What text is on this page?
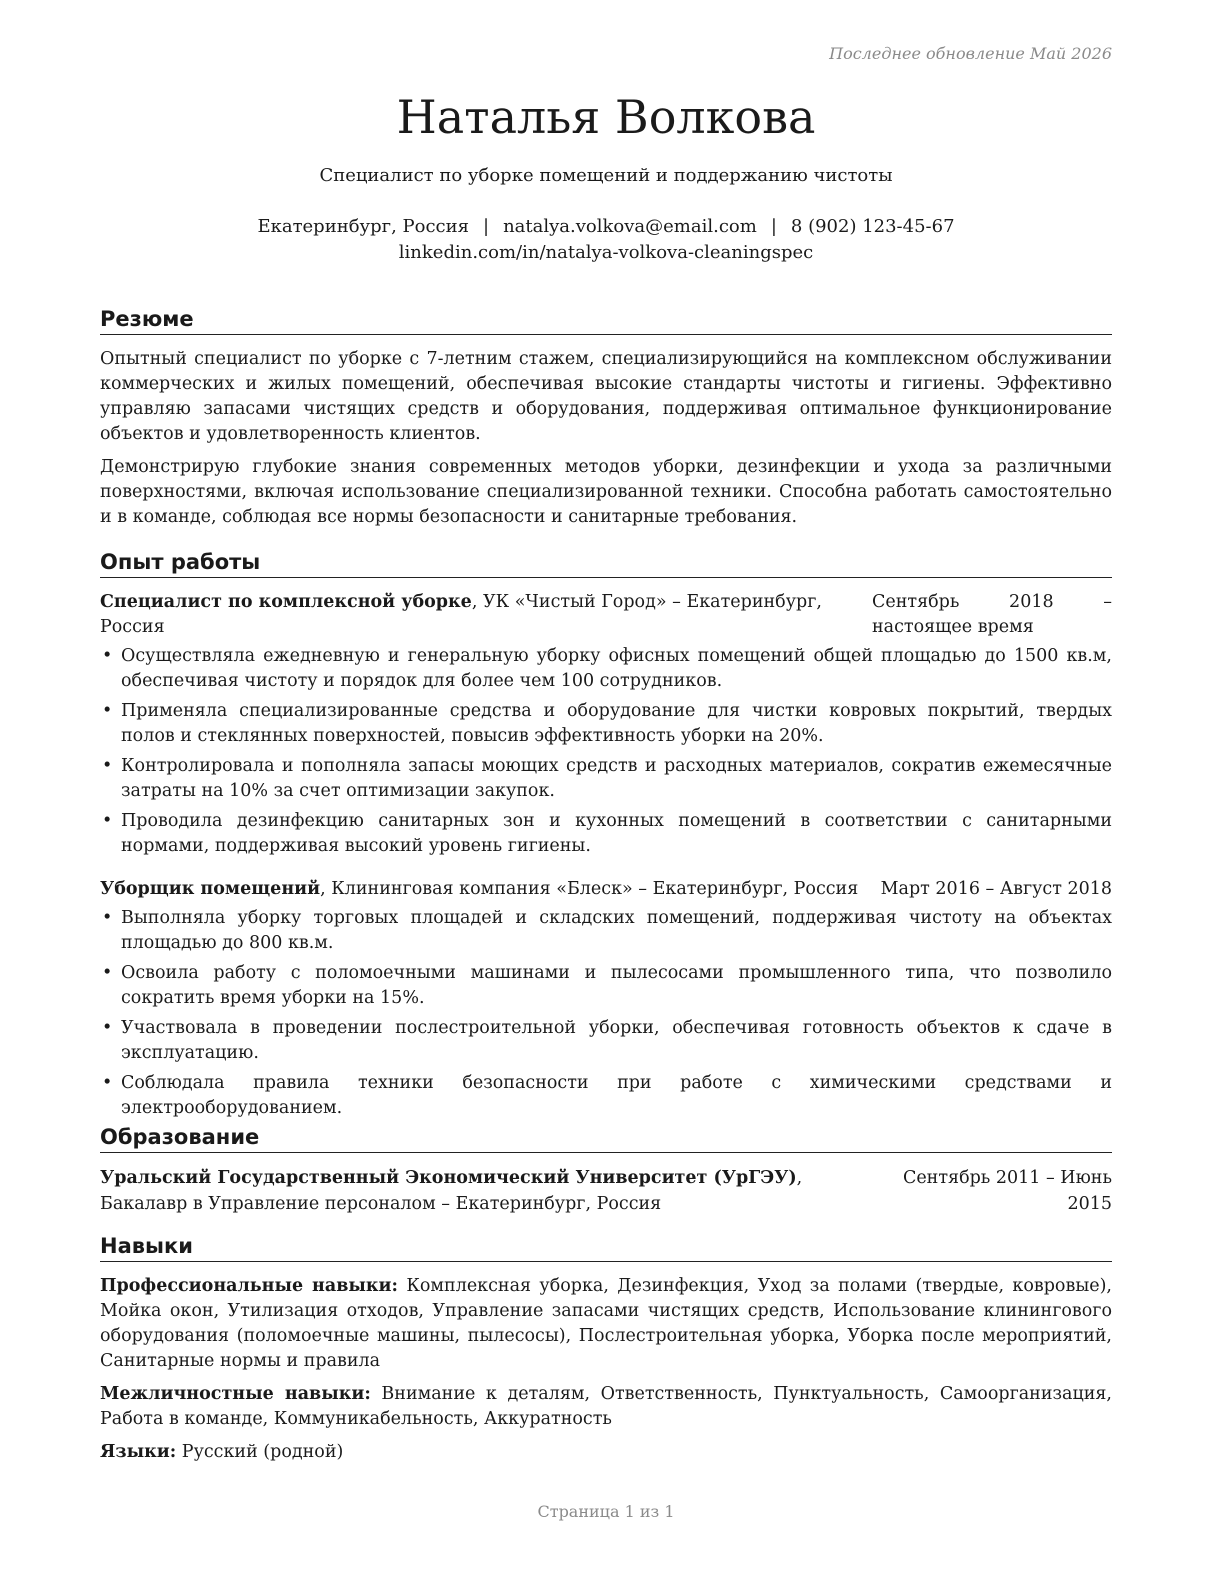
Последнее обновление Май 2026
Наталья Волкова
Специалист по уборке помещений и поддержанию чистоты
Екатеринбург, Россия | natalya.volkova@email.com | 8 (902) 123-45-67
linkedin.com/in/natalya-volkova-cleaningspec
Резюме

Опытный специалист по уборке с 7-летним стажем, специализирующийся на комплексном обслуживании коммерческих и жилых помещений, обеспечивая высокие стандарты чистоты и гигиены. Эффективно управляю запасами чистящих средств и оборудования, поддерживая оптимальное функционирование объектов и удовлетворенность клиентов.

Демонстрирую глубокие знания современных методов уборки, дезинфекции и ухода за различными поверхностями, включая использование специализированной техники. Способна работать самостоятельно и в команде, соблюдая все нормы безопасности и санитарные требования.

Опыт работы
Специалист по комплексной уборке, УК «Чистый Город» – Екатеринбург, Россия
Сентябрь 2018 – настоящее время
• Осуществляла ежедневную и генеральную уборку офисных помещений общей площадью до 1500 кв.м, обеспечивая чистоту и порядок для более чем 100 сотрудников.
• Применяла специализированные средства и оборудование для чистки ковровых покрытий, твердых полов и стеклянных поверхностей, повысив эффективность уборки на 20%.
• Контролировала и пополняла запасы моющих средств и расходных материалов, сократив ежемесячные затраты на 10% за счет оптимизации закупок.
• Проводила дезинфекцию санитарных зон и кухонных помещений в соответствии с санитарными нормами, поддерживая высокий уровень гигиены.
Уборщик помещений, Клининговая компания «Блеск» – Екатеринбург, Россия	Март 2016 – Август 2018
• Выполняла уборку торговых площадей и складских помещений, поддерживая чистоту на объектах площадью до 800 кв.м.
• Освоила работу с поломоечными машинами и пылесосами промышленного типа, что позволило сократить время уборки на 15%.
• Участвовала в проведении послестроительной уборки, обеспечивая готовность объектов к сдаче в эксплуатацию.
• Соблюдала правила техники безопасности при работе с химическими средствами и электрооборудованием.
Образование
Уральский Государственный Экономический Университет (УрГЭУ), Бакалавр в Управление персоналом – Екатеринбург, Россия
Сентябрь 2011 – Июнь 2015
Навыки

Профессиональные навыки: Комплексная уборка, Дезинфекция, Уход за полами (твердые, ковровые), Мойка окон, Утилизация отходов, Управление запасами чистящих средств, Использование клинингового оборудования (поломоечные машины, пылесосы), Послестроительная уборка, Уборка после мероприятий, Санитарные нормы и правила

Межличностные навыки: Внимание к деталям, Ответственность, Пунктуальность, Самоорганизация, Работа в команде, Коммуникабельность, Аккуратность

Языки: Русский (родной)

Страница 1 из 1
